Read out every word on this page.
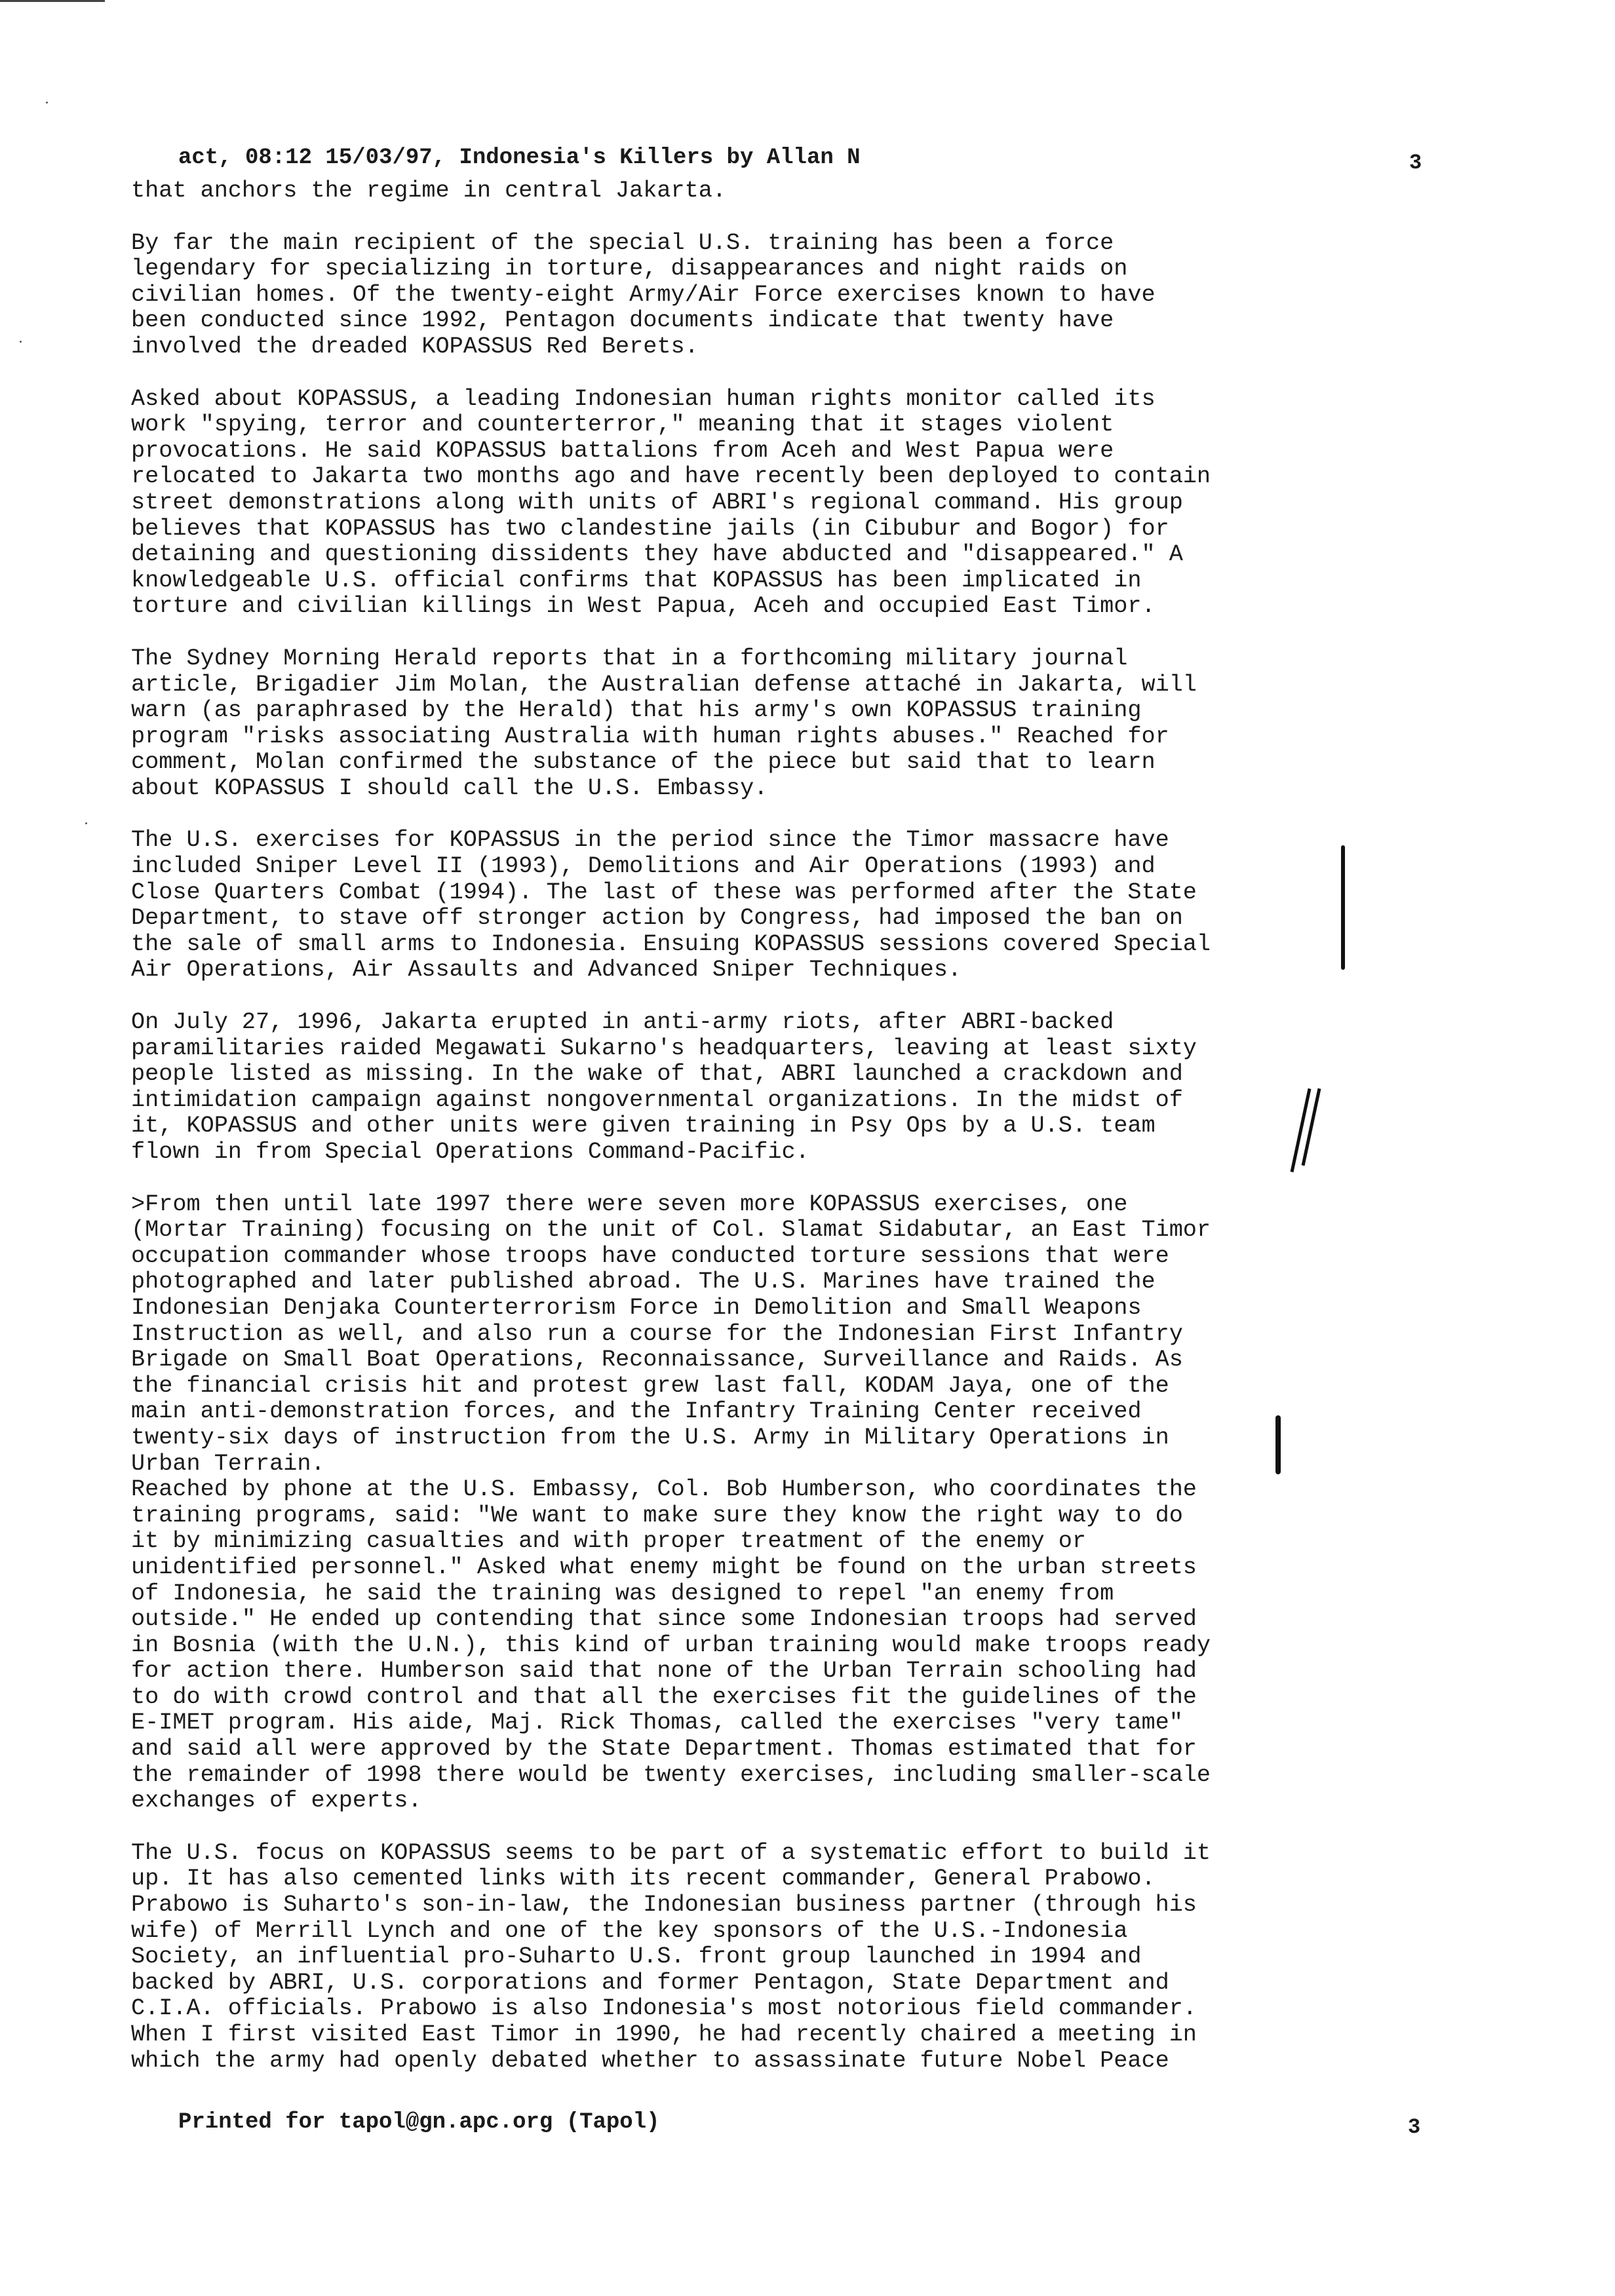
act, 08:12 15/03/97, Indonesia's Killers by Allan N	3
that anchors the regime in central Jakarta.
By far the main recipient of the special U.S. training has been a force
legendary for specializing in torture, disappearances and night raids on
civilian homes. Of the twenty-eight Army/Air Force exercises known to have
been conducted since 1992, Pentagon documents indicate that twenty have
involved the dreaded KOPASSUS Red Berets.
Asked about KOPASSUS, a leading Indonesian human rights monitor called its
work "spying, terror and counterterror," meaning that it stages violent
provocations. He said KOPASSUS battalions from Aceh and West Papua were
relocated to Jakarta two months ago and have recently been deployed to contain
street demonstrations along with units of ABRI's regional command. His group
believes that KOPASSUS has two clandestine jails (in Cibubur and Bogor) for
detaining and questioning dissidents they have abducted and "disappeared." A
knowledgeable U.S. official confirms that KOPASSUS has been implicated in
torture and civilian killings in West Papua, Aceh and occupied East Timor.
The Sydney Morning Herald reports that in a forthcoming military journal
article, Brigadier Jim Molan, the Australian defense attaché in Jakarta, will
warn (as paraphrased by the Herald) that his army's own KOPASSUS training
program "risks associating Australia with human rights abuses." Reached for
comment, Molan confirmed the substance of the piece but said that to learn
about KOPASSUS I should call the U.S. Embassy.
The U.S. exercises for KOPASSUS in the period since the Timor massacre have
included Sniper Level II (1993), Demolitions and Air Operations (1993) and
Close Quarters Combat (1994). The last of these was performed after the State
Department, to stave off stronger action by Congress, had imposed the ban on
the sale of small arms to Indonesia. Ensuing KOPASSUS sessions covered Special
Air Operations, Air Assaults and Advanced Sniper Techniques.
On July 27, 1996, Jakarta erupted in anti-army riots, after ABRI-backed
paramilitaries raided Megawati Sukarno's headquarters, leaving at least sixty
people listed as missing. In the wake of that, ABRI launched a crackdown and
intimidation campaign against nongovernmental organizations. In the midst of
it, KOPASSUS and other units were given training in Psy Ops by a U.S. team
flown in from Special Operations Command-Pacific.
>From then until late 1997 there were seven more KOPASSUS exercises, one
(Mortar Training) focusing on the unit of Col. Slamat Sidabutar, an East Timor
occupation commander whose troops have conducted torture sessions that were
photographed and later published abroad. The U.S. Marines have trained the
Indonesian Denjaka Counterterrorism Force in Demolition and Small Weapons
Instruction as well, and also run a course for the Indonesian First Infantry
Brigade on Small Boat Operations, Reconnaissance, Surveillance and Raids. As
the financial crisis hit and protest grew last fall, KODAM Jaya, one of the
main anti-demonstration forces, and the Infantry Training Center received
twenty-six days of instruction from the U.S. Army in Military Operations in
Urban Terrain.
Reached by phone at the U.S. Embassy, Col. Bob Humberson, who coordinates the
training programs, said: "We want to make sure they know the right way to do
it by minimizing casualties and with proper treatment of the enemy or
unidentified personnel." Asked what enemy might be found on the urban streets
of Indonesia, he said the training was designed to repel "an enemy from
outside." He ended up contending that since some Indonesian troops had served
in Bosnia (with the U.N.), this kind of urban training would make troops ready
for action there. Humberson said that none of the Urban Terrain schooling had
to do with crowd control and that all the exercises fit the guidelines of the
E-IMET program. His aide, Maj. Rick Thomas, called the exercises "very tame"
and said all were approved by the State Department. Thomas estimated that for
the remainder of 1998 there would be twenty exercises, including smaller-scale
exchanges of experts.
The U.S. focus on KOPASSUS seems to be part of a systematic effort to build it
up. It has also cemented links with its recent commander, General Prabowo.
Prabowo is Suharto's son-in-law, the Indonesian business partner (through his
wife) of Merrill Lynch and one of the key sponsors of the U.S.-Indonesia
Society, an influential pro-Suharto U.S. front group launched in 1994 and
backed by ABRI, U.S. corporations and former Pentagon, State Department and
C.I.A. officials. Prabowo is also Indonesia's most notorious field commander.
When I first visited East Timor in 1990, he had recently chaired a meeting in
which the army had openly debated whether to assassinate future Nobel Peace
Printed for tapol@gn.apc.org (Tapol)	3
